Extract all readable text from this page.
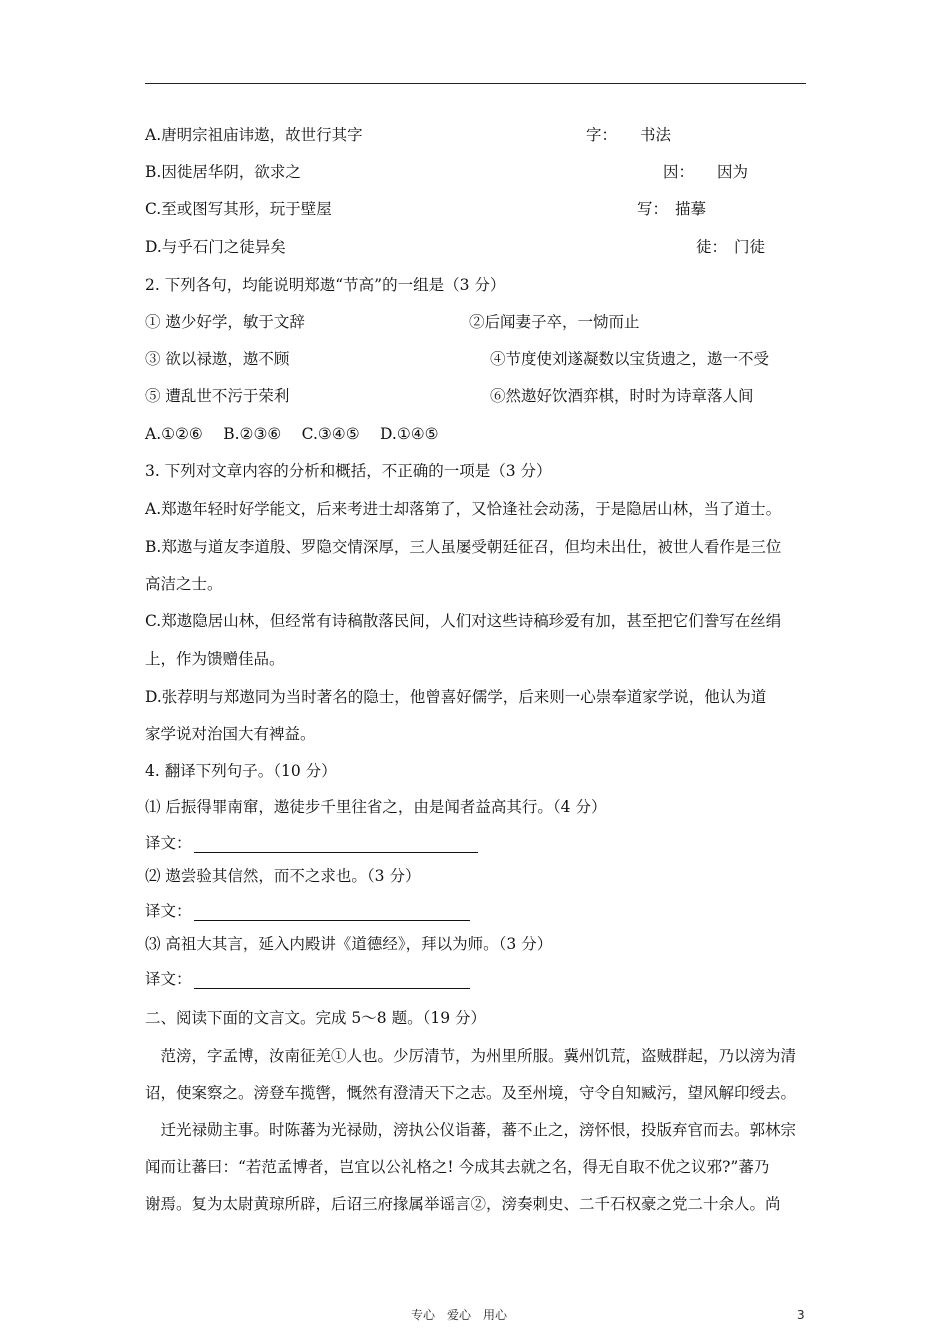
A.唐明宗祖庙讳遨，故世行其字	字： 书法
B.因徙居华阴，欲求之	因： 因为
C.至或图写其形，玩于壁屋	写： 描摹
D.与乎石门之徒异矣	徒： 门徒
2. 下列各句，均能说明郑遨“节高”的一组是（3 分）
① 遨少好学，敏于文辞	②后闻妻子卒，一恸而止
③ 欲以禄遨，遨不顾	④节度使刘遂凝数以宝货遗之，遨一不受
⑤ 遭乱世不污于荣利	⑥然遨好饮酒弈棋，时时为诗章落人间
A.①②⑥　 B.②③⑥　 C.③④⑤　 D.①④⑤
3. 下列对文章内容的分析和概括，不正确的一项是（3 分）
A.郑遨年轻时好学能文，后来考进士却落第了，又恰逢社会动荡，于是隐居山林，当了道士。
B.郑遨与道友李道殷、罗隐交情深厚，三人虽屡受朝廷征召，但均未出仕，被世人看作是三位
高洁之士。
C.郑遨隐居山林，但经常有诗稿散落民间，人们对这些诗稿珍爱有加，甚至把它们誊写在丝绢
上，作为馈赠佳品。
D.张荐明与郑遨同为当时著名的隐士，他曾喜好儒学，后来则一心崇奉道家学说，他认为道
家学说对治国大有裨益。
4. 翻译下列句子。（10 分）
⑴ 后振得罪南窜，遨徒步千里往省之，由是闻者益高其行。（4 分）
译文：
⑵ 遨尝验其信然，而不之求也。（3 分）
译文：
⑶ 高祖大其言，延入内殿讲《道德经》，拜以为师。（3 分）
译文：
二、阅读下面的文言文。完成 5～8 题。（19 分）
　范滂，字孟博，汝南征羌①人也。少厉清节，为州里所服。冀州饥荒，盗贼群起，乃以滂为清
诏，使案察之。滂登车揽辔，慨然有澄清天下之志。及至州境，守令自知臧污，望风解印绶去。
　迁光禄勋主事。时陈蕃为光禄勋，滂执公仪诣蕃，蕃不止之，滂怀恨，投版弃官而去。郭林宗
闻而让蕃曰：“若范孟博者，岂宜以公礼格之! 今成其去就之名，得无自取不优之议邪?”蕃乃
谢焉。复为太尉黄琼所辟，后诏三府掾属举谣言②，滂奏刺史、二千石权豪之党二十余人。尚
专心　爱心　用心	3
